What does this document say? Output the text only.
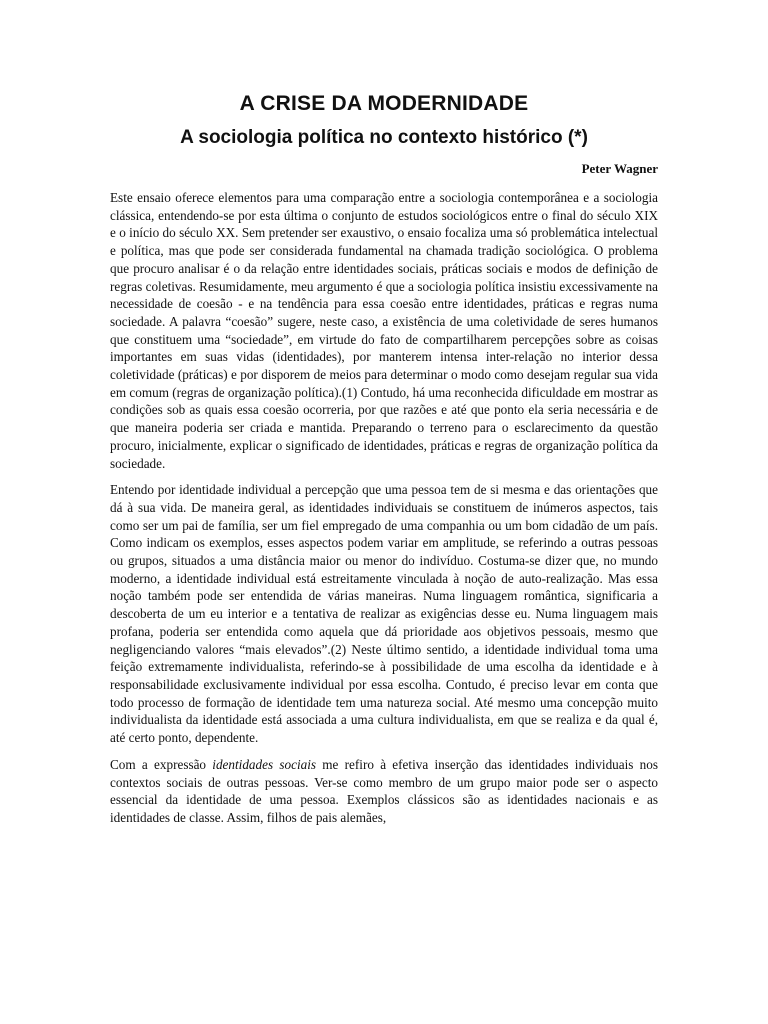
A CRISE DA MODERNIDADE
A sociologia política no contexto histórico (*)
Peter Wagner

Este ensaio oferece elementos para uma comparação entre a sociologia contemporânea e a sociologia clássica, entendendo-se por esta última o conjunto de estudos sociológicos entre o final do século XIX e o início do século XX. Sem pretender ser exaustivo, o ensaio focaliza uma só problemática intelectual e política, mas que pode ser considerada fundamental na chamada tradição sociológica. O problema que procuro analisar é o da relação entre identidades sociais, práticas sociais e modos de definição de regras coletivas. Resumidamente, meu argumento é que a sociologia política insistiu excessivamente na necessidade de coesão - e na tendência para essa coesão entre identidades, práticas e regras numa sociedade. A palavra “coesão” sugere, neste caso, a existência de uma coletividade de seres humanos que constituem uma “sociedade”, em virtude do fato de compartilharem percepções sobre as coisas importantes em suas vidas (identidades), por manterem intensa inter-relação no interior dessa coletividade (práticas) e por disporem de meios para determinar o modo como desejam regular sua vida em comum (regras de organização política).(1) Contudo, há uma reconhecida dificuldade em mostrar as condições sob as quais essa coesão ocorreria, por que razões e até que ponto ela seria necessária e de que maneira poderia ser criada e mantida. Preparando o terreno para o esclarecimento da questão procuro, inicialmente, explicar o significado de identidades, práticas e regras de organização política da sociedade.

Entendo por identidade individual a percepção que uma pessoa tem de si mesma e das orientações que dá à sua vida. De maneira geral, as identidades individuais se constituem de inúmeros aspectos, tais como ser um pai de família, ser um fiel empregado de uma companhia ou um bom cidadão de um país. Como indicam os exemplos, esses aspectos podem variar em amplitude, se referindo a outras pessoas ou grupos, situados a uma distância maior ou menor do indivíduo. Costuma-se dizer que, no mundo moderno, a identidade individual está estreitamente vinculada à noção de auto-realização. Mas essa noção também pode ser entendida de várias maneiras. Numa linguagem romântica, significaria a descoberta de um eu interior e a tentativa de realizar as exigências desse eu. Numa linguagem mais profana, poderia ser entendida como aquela que dá prioridade aos objetivos pessoais, mesmo que negligenciando valores “mais elevados”.(2) Neste último sentido, a identidade individual toma uma feição extremamente individualista, referindo-se à possibilidade de uma escolha da identidade e à responsabilidade exclusivamente individual por essa escolha. Contudo, é preciso levar em conta que todo processo de formação de identidade tem uma natureza social. Até mesmo uma concepção muito individualista da identidade está associada a uma cultura individualista, em que se realiza e da qual é, até certo ponto, dependente.

Com a expressão identidades sociais me refiro à efetiva inserção das identidades individuais nos contextos sociais de outras pessoas. Ver-se como membro de um grupo maior pode ser o aspecto essencial da identidade de uma pessoa. Exemplos clássicos são as identidades nacionais e as identidades de classe. Assim, filhos de pais alemães,
